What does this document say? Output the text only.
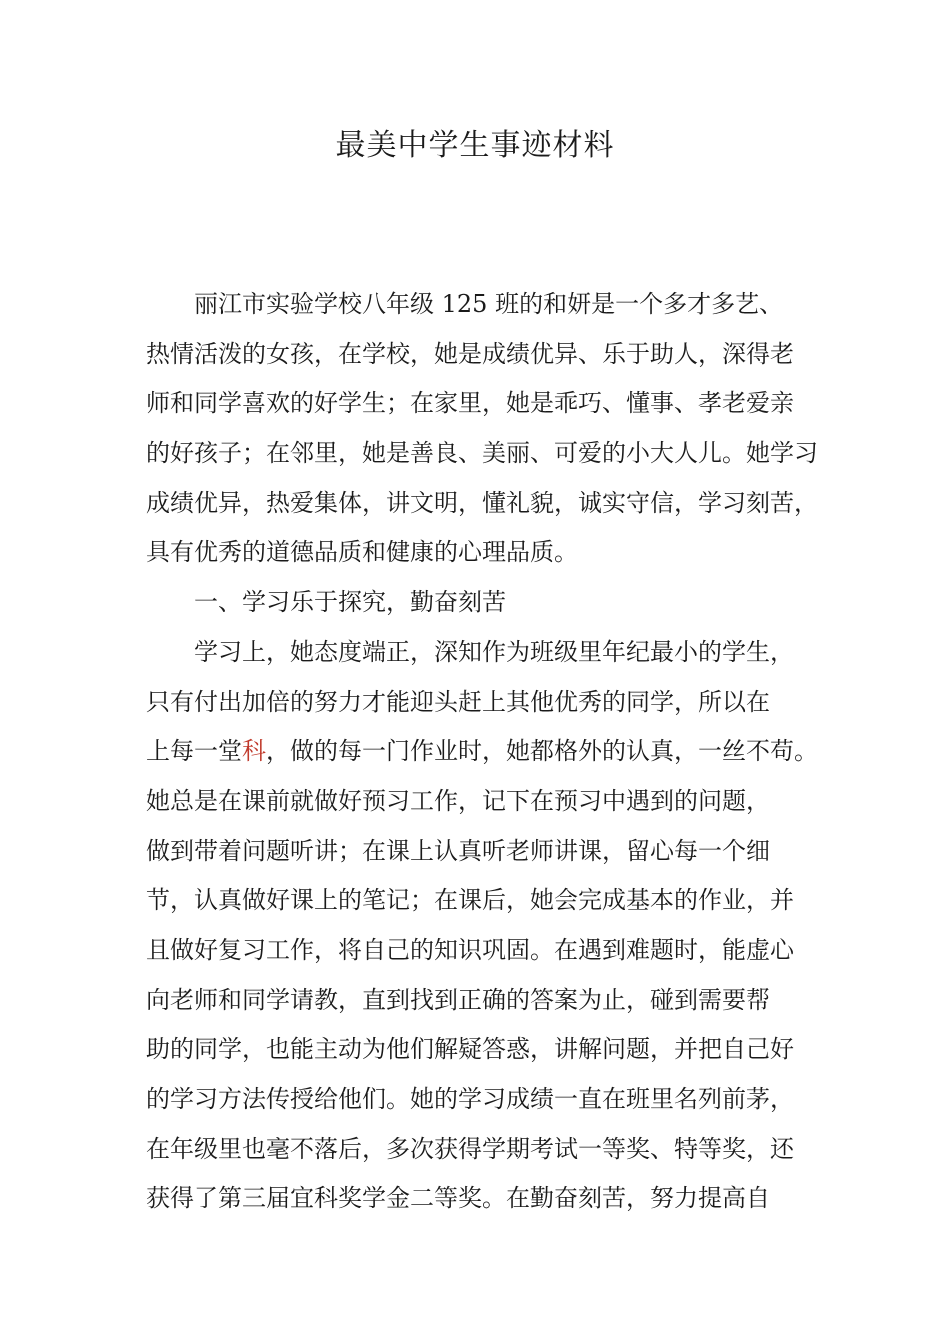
最美中学生事迹材料
丽江市实验学校八年级 125 班的和妍是一个多才多艺、
热情活泼的女孩，在学校，她是成绩优异、乐于助人，深得老
师和同学喜欢的好学生；在家里，她是乖巧、懂事、孝老爱亲
的好孩子；在邻里，她是善良、美丽、可爱的小大人儿。她学习
成绩优异，热爱集体，讲文明，懂礼貌，诚实守信，学习刻苦，
具有优秀的道德品质和健康的心理品质。
一、学习乐于探究，勤奋刻苦
学习上，她态度端正，深知作为班级里年纪最小的学生，
只有付出加倍的努力才能迎头赶上其他优秀的同学，所以在
上每一堂科，做的每一门作业时，她都格外的认真，一丝不苟。
她总是在课前就做好预习工作，记下在预习中遇到的问题，
做到带着问题听讲；在课上认真听老师讲课，留心每一个细
节，认真做好课上的笔记；在课后，她会完成基本的作业，并
且做好复习工作，将自己的知识巩固。在遇到难题时，能虚心
向老师和同学请教，直到找到正确的答案为止，碰到需要帮
助的同学，也能主动为他们解疑答惑，讲解问题，并把自己好
的学习方法传授给他们。她的学习成绩一直在班里名列前茅，
在年级里也毫不落后，多次获得学期考试一等奖、特等奖，还
获得了第三届宜科奖学金二等奖。在勤奋刻苦，努力提高自
